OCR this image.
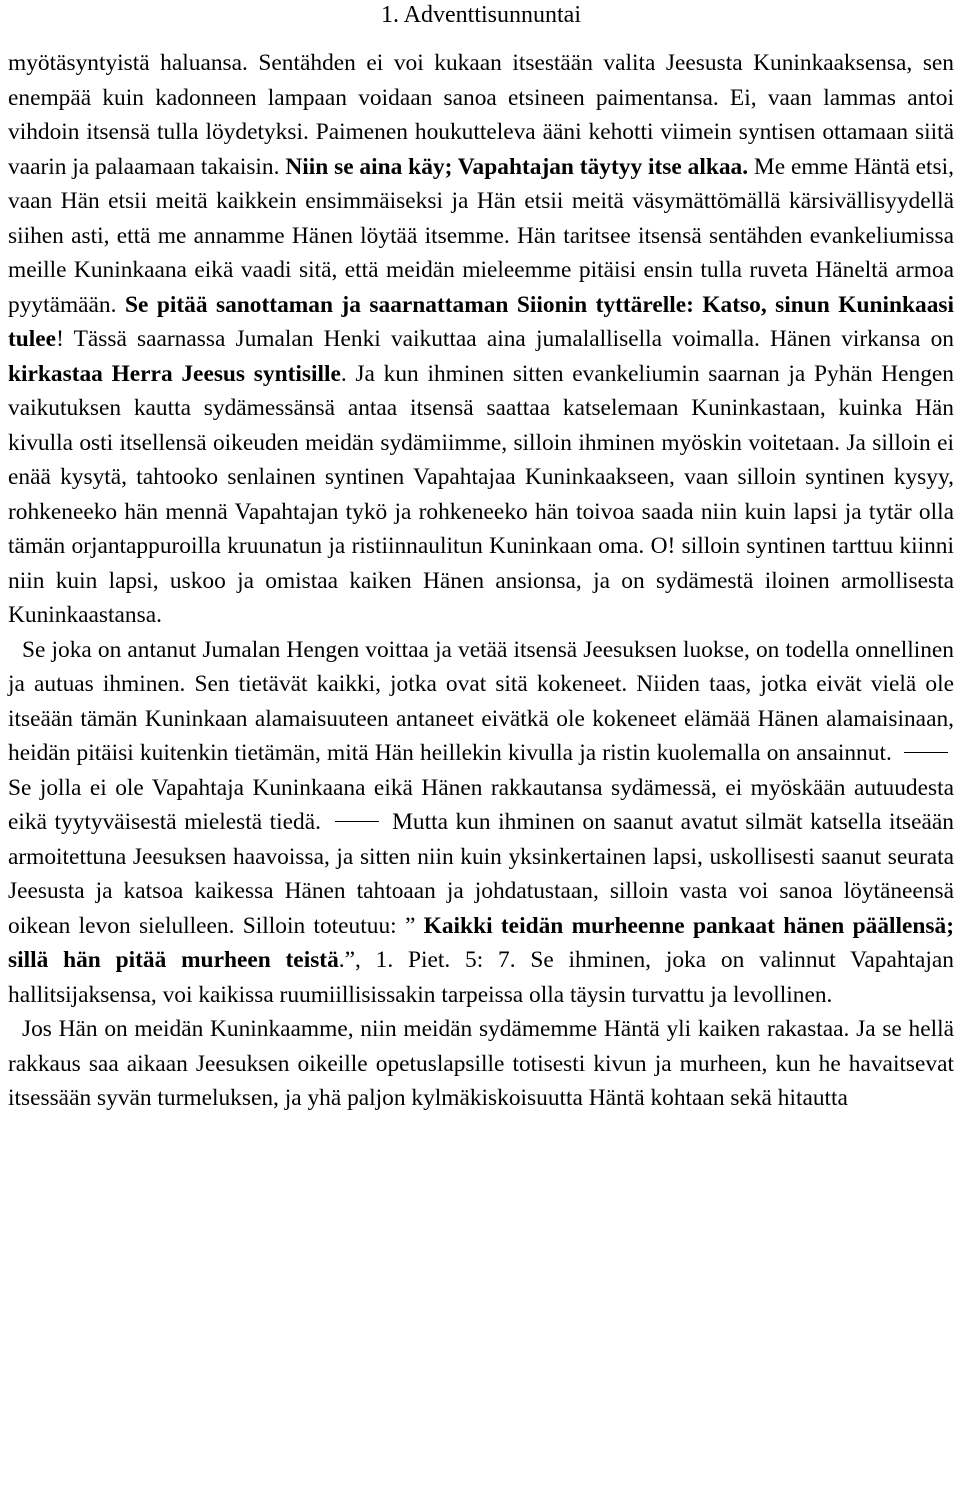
1. Adventtisunnuntai

myötäsyntyistä haluansa. Sentähden ei voi kukaan itsestään valita Jeesusta Kuninkaaksensa, sen enempää kuin kadonneen lampaan voidaan sanoa etsineen paimentansa. Ei, vaan lammas antoi vihdoin itsensä tulla löydetyksi. Paimenen houkutteleva ääni kehotti viimein syntisen ottamaan siitä vaarin ja palaamaan takaisin. Niin se aina käy; Vapahtajan täytyy itse alkaa. Me emme Häntä etsi, vaan Hän etsii meitä kaikkein ensimmäiseksi ja Hän etsii meitä väsymättömällä kärsivällisyydellä siihen asti, että me annamme Hänen löytää itsemme. Hän taritsee itsensä sentähden evankeliumissa meille Kuninkaana eikä vaadi sitä, että meidän mieleemme pitäisi ensin tulla ruveta Häneltä armoa pyytämään. Se pitää sanottaman ja saarnattaman Siionin tyttärelle: Katso, sinun Kuninkaasi tulee! Tässä saarnassa Jumalan Henki vaikuttaa aina jumalallisella voimalla. Hänen virkansa on kirkastaa Herra Jeesus syntisille. Ja kun ihminen sitten evankeliumin saarnan ja Pyhän Hengen vaikutuksen kautta sydämessänsä antaa itsensä saattaa katselemaan Kuninkastaan, kuinka Hän kivulla osti itsellensä oikeuden meidän sydämiimme, silloin ihminen myöskin voitetaan. Ja silloin ei enää kysytä, tahtooko senlainen syntinen Vapahtajaa Kuninkaakseen, vaan silloin syntinen kysyy, rohkeneeko hän mennä Vapahtajan tykö ja rohkeneeko hän toivoa saada niin kuin lapsi ja tytär olla tämän orjantappuroilla kruunatun ja ristiinnaulitun Kuninkaan oma. O! silloin syntinen tarttuu kiinni niin kuin lapsi, uskoo ja omistaa kaiken Hänen ansionsa, ja on sydämestä iloinen armollisesta Kuninkaastansa.

Se joka on antanut Jumalan Hengen voittaa ja vetää itsensä Jeesuksen luokse, on todella onnellinen ja autuas ihminen. Sen tietävät kaikki, jotka ovat sitä kokeneet. Niiden taas, jotka eivät vielä ole itseään tämän Kuninkaan alamaisuuteen antaneet eivätkä ole kokeneet elämää Hänen alamaisinaan, heidän pitäisi kuitenkin tietämän, mitä Hän heillekin kivulla ja ristin kuolemalla on ansainnut.  Se jolla ei ole Vapahtaja Kuninkaana eikä Hänen rakkautansa sydämessä, ei myöskään autuudesta eikä tyytyväisestä mielestä tiedä.  Mutta kun ihminen on saanut avatut silmät katsella itseään armoitettuna Jeesuksen haavoissa, ja sitten niin kuin yksinkertainen lapsi, uskollisesti saanut seurata Jeesusta ja katsoa kaikessa Hänen tahtoaan ja johdatustaan, silloin vasta voi sanoa löytäneensä oikean levon sielulleen. Silloin toteutuu: ” Kaikki teidän murheenne pankaat hänen päällensä; sillä hän pitää murheen teistä.”, 1. Piet. 5: 7. Se ihminen, joka on valinnut Vapahtajan hallitsijaksensa, voi kaikissa ruumiillisissakin tarpeissa olla täysin turvattu ja levollinen.

Jos Hän on meidän Kuninkaamme, niin meidän sydämemme Häntä yli kaiken rakastaa. Ja se hellä rakkaus saa aikaan Jeesuksen oikeille opetuslapsille totisesti kivun ja murheen, kun he havaitsevat itsessään syvän turmeluksen, ja yhä paljon kylmäkiskoisuutta Häntä kohtaan sekä hitautta
